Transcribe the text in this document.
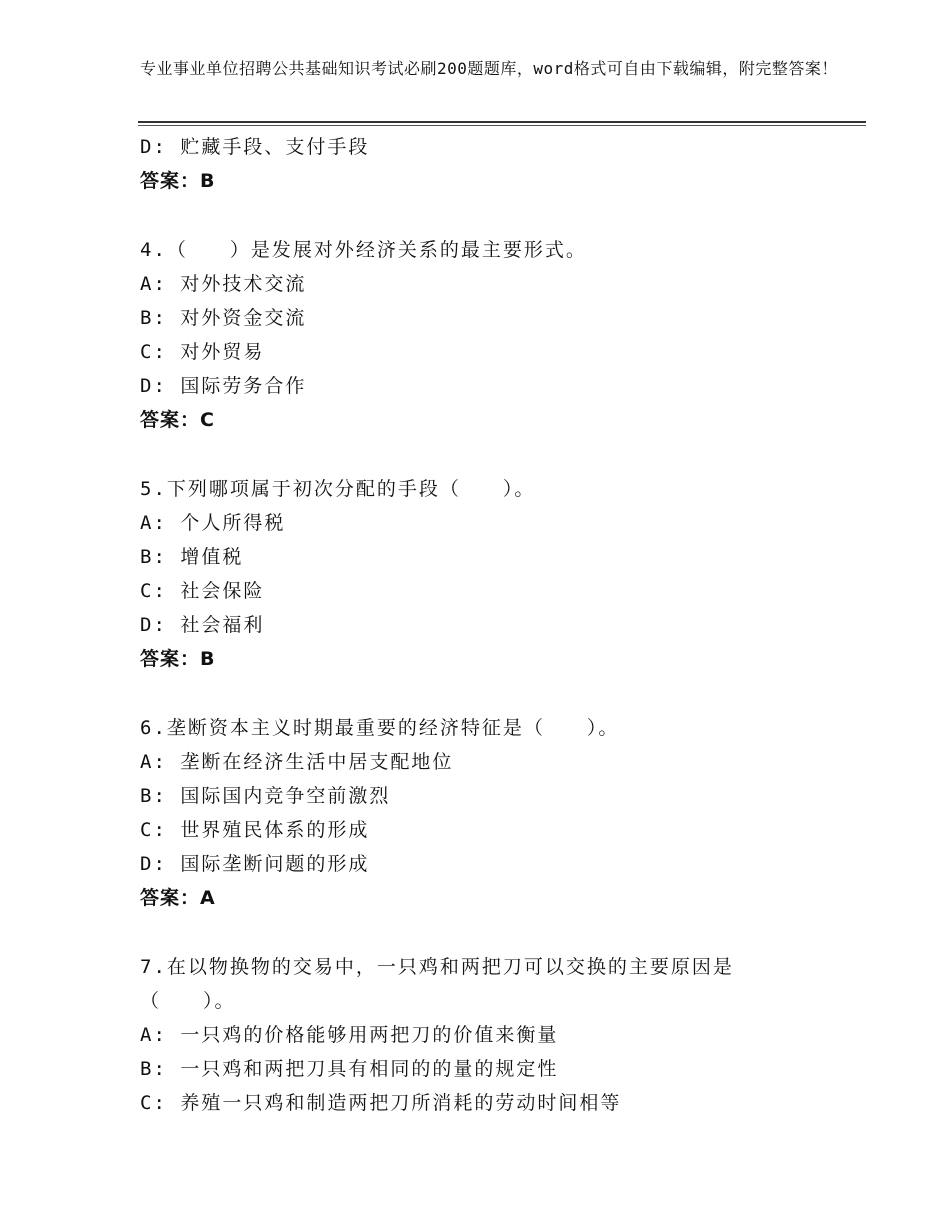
专业事业单位招聘公共基础知识考试必刷200题题库，word格式可自由下载编辑，附完整答案！
D: 贮藏手段、支付手段
答案：B
4.（　　）是发展对外经济关系的最主要形式。
A: 对外技术交流
B: 对外资金交流
C: 对外贸易
D: 国际劳务合作
答案：C
5.下列哪项属于初次分配的手段（　　）。
A: 个人所得税
B: 增值税
C: 社会保险
D: 社会福利
答案：B
6.垄断资本主义时期最重要的经济特征是（　　）。
A: 垄断在经济生活中居支配地位
B: 国际国内竞争空前激烈
C: 世界殖民体系的形成
D: 国际垄断问题的形成
答案：A
7.在以物换物的交易中，一只鸡和两把刀可以交换的主要原因是（　　）。
A: 一只鸡的价格能够用两把刀的价值来衡量
B: 一只鸡和两把刀具有相同的的量的规定性
C: 养殖一只鸡和制造两把刀所消耗的劳动时间相等
